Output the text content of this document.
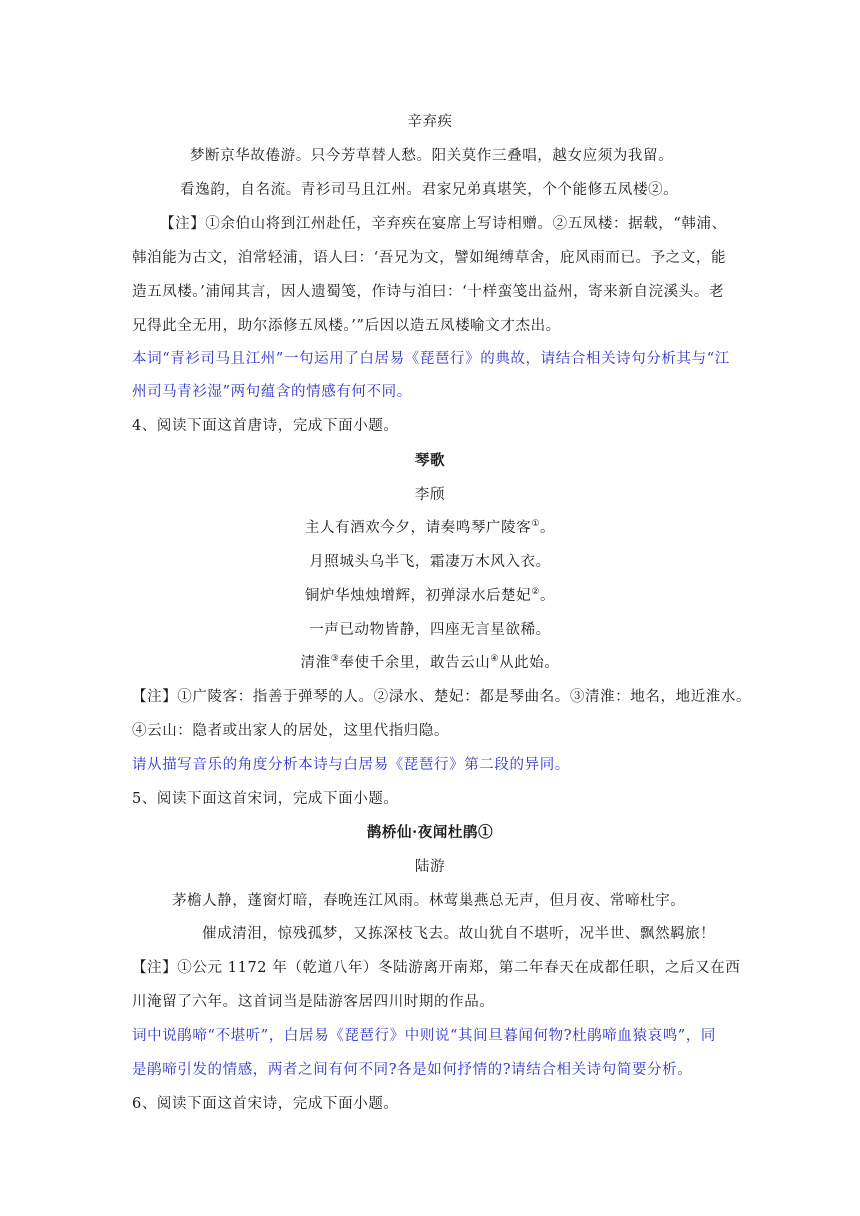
辛弃疾
梦断京华故倦游。只今芳草替人愁。阳关莫作三叠唱，越女应须为我留。
看逸韵，自名流。青衫司马且江州。君家兄弟真堪笑，个个能修五凤楼②。
【注】①余伯山将到江州赴任，辛弃疾在宴席上写诗相赠。②五凤楼：据载，“韩浦、
韩洎能为古文，洎常轻浦，语人曰：‘吾兄为文，譬如绳缚草舍，庇风雨而已。予之文，能
造五凤楼。’浦闻其言，因人遗蜀笺，作诗与洎曰：‘十样蛮笺出益州，寄来新自浣溪头。老
兄得此全无用，助尔添修五凤楼。’”后因以造五凤楼喻文才杰出。
本词“青衫司马且江州”一句运用了白居易《琵琶行》的典故，请结合相关诗句分析其与“江
州司马青衫湿”两句蕴含的情感有何不同。
4、阅读下面这首唐诗，完成下面小题。
琴歌
李颀
主人有酒欢今夕，请奏鸣琴广陵客①。
月照城头乌半飞，霜凄万木风入衣。
铜炉华烛烛增辉，初弹渌水后楚妃②。
一声已动物皆静，四座无言星欲稀。
清淮③奉使千余里，敢告云山④从此始。
【注】①广陵客：指善于弹琴的人。②渌水、楚妃：都是琴曲名。③清淮：地名，地近淮水。
④云山：隐者或出家人的居处，这里代指归隐。
请从描写音乐的角度分析本诗与白居易《琵琶行》第二段的异同。
5、阅读下面这首宋词，完成下面小题。
鹊桥仙·夜闻杜鹃①
陆游
茅檐人静，蓬窗灯暗，春晚连江风雨。林莺巢燕总无声，但月夜、常啼杜宇。
催成清泪，惊残孤梦，又拣深枝飞去。故山犹自不堪听，况半世、飘然羁旅！
【注】①公元 1172 年（乾道八年）冬陆游离开南郑，第二年春天在成都任职，之后又在西
川淹留了六年。这首词当是陆游客居四川时期的作品。
词中说鹃啼“不堪听”，白居易《琵琶行》中则说“其间旦暮闻何物?杜鹃啼血猿哀鸣”，同
是鹃啼引发的情感，两者之间有何不同?各是如何抒情的?请结合相关诗句简要分析。
6、阅读下面这首宋诗，完成下面小题。
